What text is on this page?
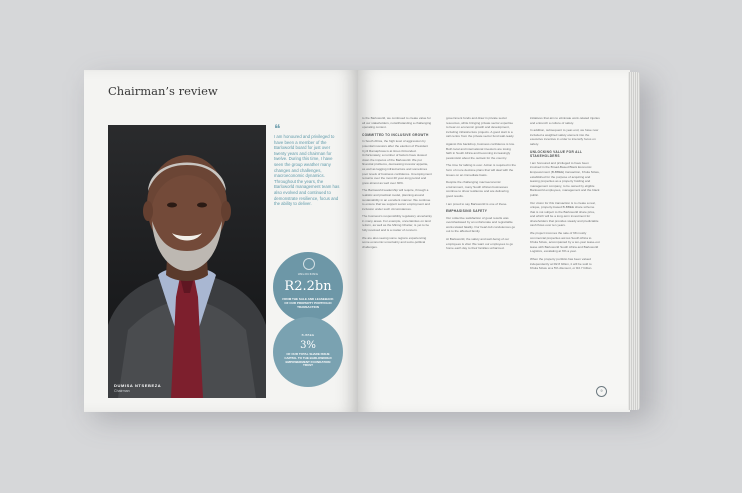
Chairman’s review
DUMISA NTSEBEZA
Chairman
❝
I am honoured and privileged to have been a member of the Barloworld board for just over twenty years and chairman for twelve. During this time, I have seen the group weather many changes and challenges, macroeconomic dynamics. Throughout the years, the Barloworld management team has also evolved and continued to demonstrate resilience, focus and the ability to deliver.
UNLOCKING
R2.2bn
FROM THE SALE AND LEASEBACK OF OUR PROPERTY PORTFOLIO TRANSACTION
B-BBEE
3%
OF OUR TOTAL SHARE ISSUE CAPITAL TO THE BARLOWORLD EMPOWERMENT FOUNDATION TRUST

to the Barloworld, we continued to create value for all our stakeholders, notwithstanding a challenging operating context.

COMMITTED TO INCLUSIVE GROWTH

In South Africa, the high level of aggression by potential investors after the election of President Cyril Ramaphosa is at times ill-founded. Unfortunately, a number of factors have slowed down the impetus of the Barloworld. We put financial problems, decreasing investor appetite, as well as lagging infrastructure and sometimes poor levels of business confidence. Unemployment remains over the most 20 year-long period and grew almost as well over 30%.

The Barloworld leadership will require, through a realistic and practical model, planning around sustainability in an excellent manner. We continue to ensure that we support sector employment and inclusion under such circumstances.

The business's responsibility regulatory uncertainty in many areas. For example, uncertainties on land reform, as well as the Mining Charter, is yet to be fully resolved and is a matter of concern.

We are also seeing some regions experiencing some economic uncertainty and socio-political challenges.

government funds and draw in private sector resources, while bringing private sector expertise to bear on economic growth and development, including infrastructure projects. A good start is a call centre from the private sector fund wall-ready.

Against this backdrop, business confidence is low. Both local and international investors are losing faith in South Africa and becoming increasingly pessimistic about the outlook for the country.

The time for talking is over. Action is required in the form of more decisive plans that will deal with the issues on an immediate basis.

Despite the challenging macroeconomic environment, many South African businesses continue to show resilience and are delivering good results.

I am proud to say Barloworld is one of these.

EMPHASISING SAFETY

Our collective satisfaction of good results was overshadowed by an unfortunate and regrettable work-related fatality. Our heart-felt condolences go out to the affected family.

At Barloworld, the safety and well-being of our employees is vital. We want our employees to go home each day to their families unharmed.

initiatives that aim to eliminate work-related injuries and entrench a culture of safety.

In addition, subsequent to year-end, we have now included a weighted safety element into the executive incentive in order to intensify focus on safety.

UNLOCKING VALUE FOR ALL STAKEHOLDERS

I am honoured and privileged to have been involved in the Broad-Based Black Economic Empowerment (B-BBEE) transaction, Khula Sizwe, established for the purpose of acquiring and leasing properties as a property holding and management company, to be owned by eligible Barloworld employees, management and the black public.

Our vision for this transaction is to create a real, unique, property-based B-BBEE share scheme that is not subject to the Barloworld share price, and which will be a long-term investment for shareholders that provides steady and predictable cash flows over ten years.

We project incomes the sale of 68 mostly commercial properties across South Africa to Khula Sizwe, accompanied by a ten-year lease-out lease with Barloworld South Africa and Barloworld Logistics, escalating at 6% a year.

When the property portfolio has been valued independently at R2.8 billion, it will be sold to Khula Sizwe at a 5% discount, or R2.7 billion.

9
